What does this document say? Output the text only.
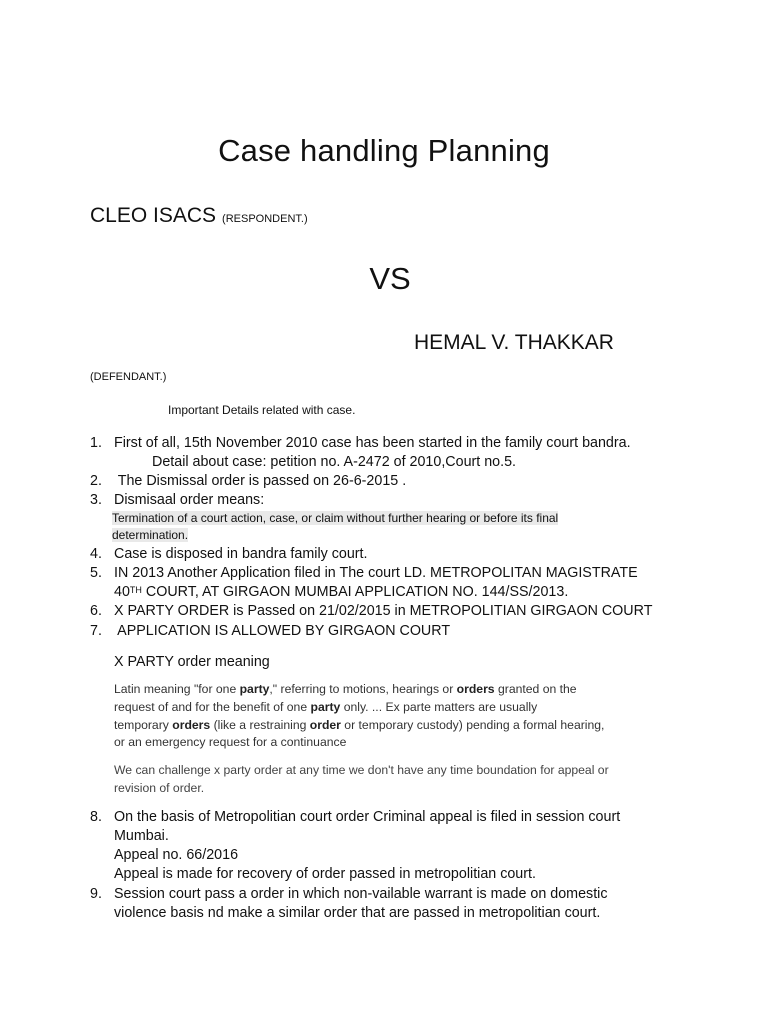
Case handling Planning
CLEO ISACS (RESPONDENT.)
VS
HEMAL V. THAKKAR
(DEFENDANT.)
Important Details related with case.
1. First of all, 15th November 2010 case has been started in the family court bandra.
Detail about case: petition no. A-2472 of 2010,Court no.5.
2. The Dismissal order is passed on 26-6-2015 .
3. Dismisaal order means:
Termination of a court action, case, or claim without further hearing or before its final
determination.
4. Case is disposed in bandra family court.
5. IN 2013 Another Application filed in The court LD. METROPOLITAN MAGISTRATE
40TH COURT, AT GIRGAON MUMBAI APPLICATION NO. 144/SS/2013.
6. X PARTY ORDER is Passed on 21/02/2015 in METROPOLITIAN GIRGAON COURT
7. APPLICATION IS ALLOWED BY GIRGAON COURT
X PARTY order meaning
Latin meaning "for one party," referring to motions, hearings or orders granted on the
request of and for the benefit of one party only. ... Ex parte matters are usually
temporary orders (like a restraining order or temporary custody) pending a formal hearing,
or an emergency request for a continuance
We can challenge x party order at any time we don't have any time boundation for appeal or
revision of order.
8. On the basis of Metropolitian court order Criminal appeal is filed in session court
Mumbai.
Appeal no. 66/2016
Appeal is made for recovery of order passed in metropolitian court.
9. Session court pass a order in which non-vailable warrant is made on domestic
violence basis nd make a similar order that are passed in metropolitian court.
